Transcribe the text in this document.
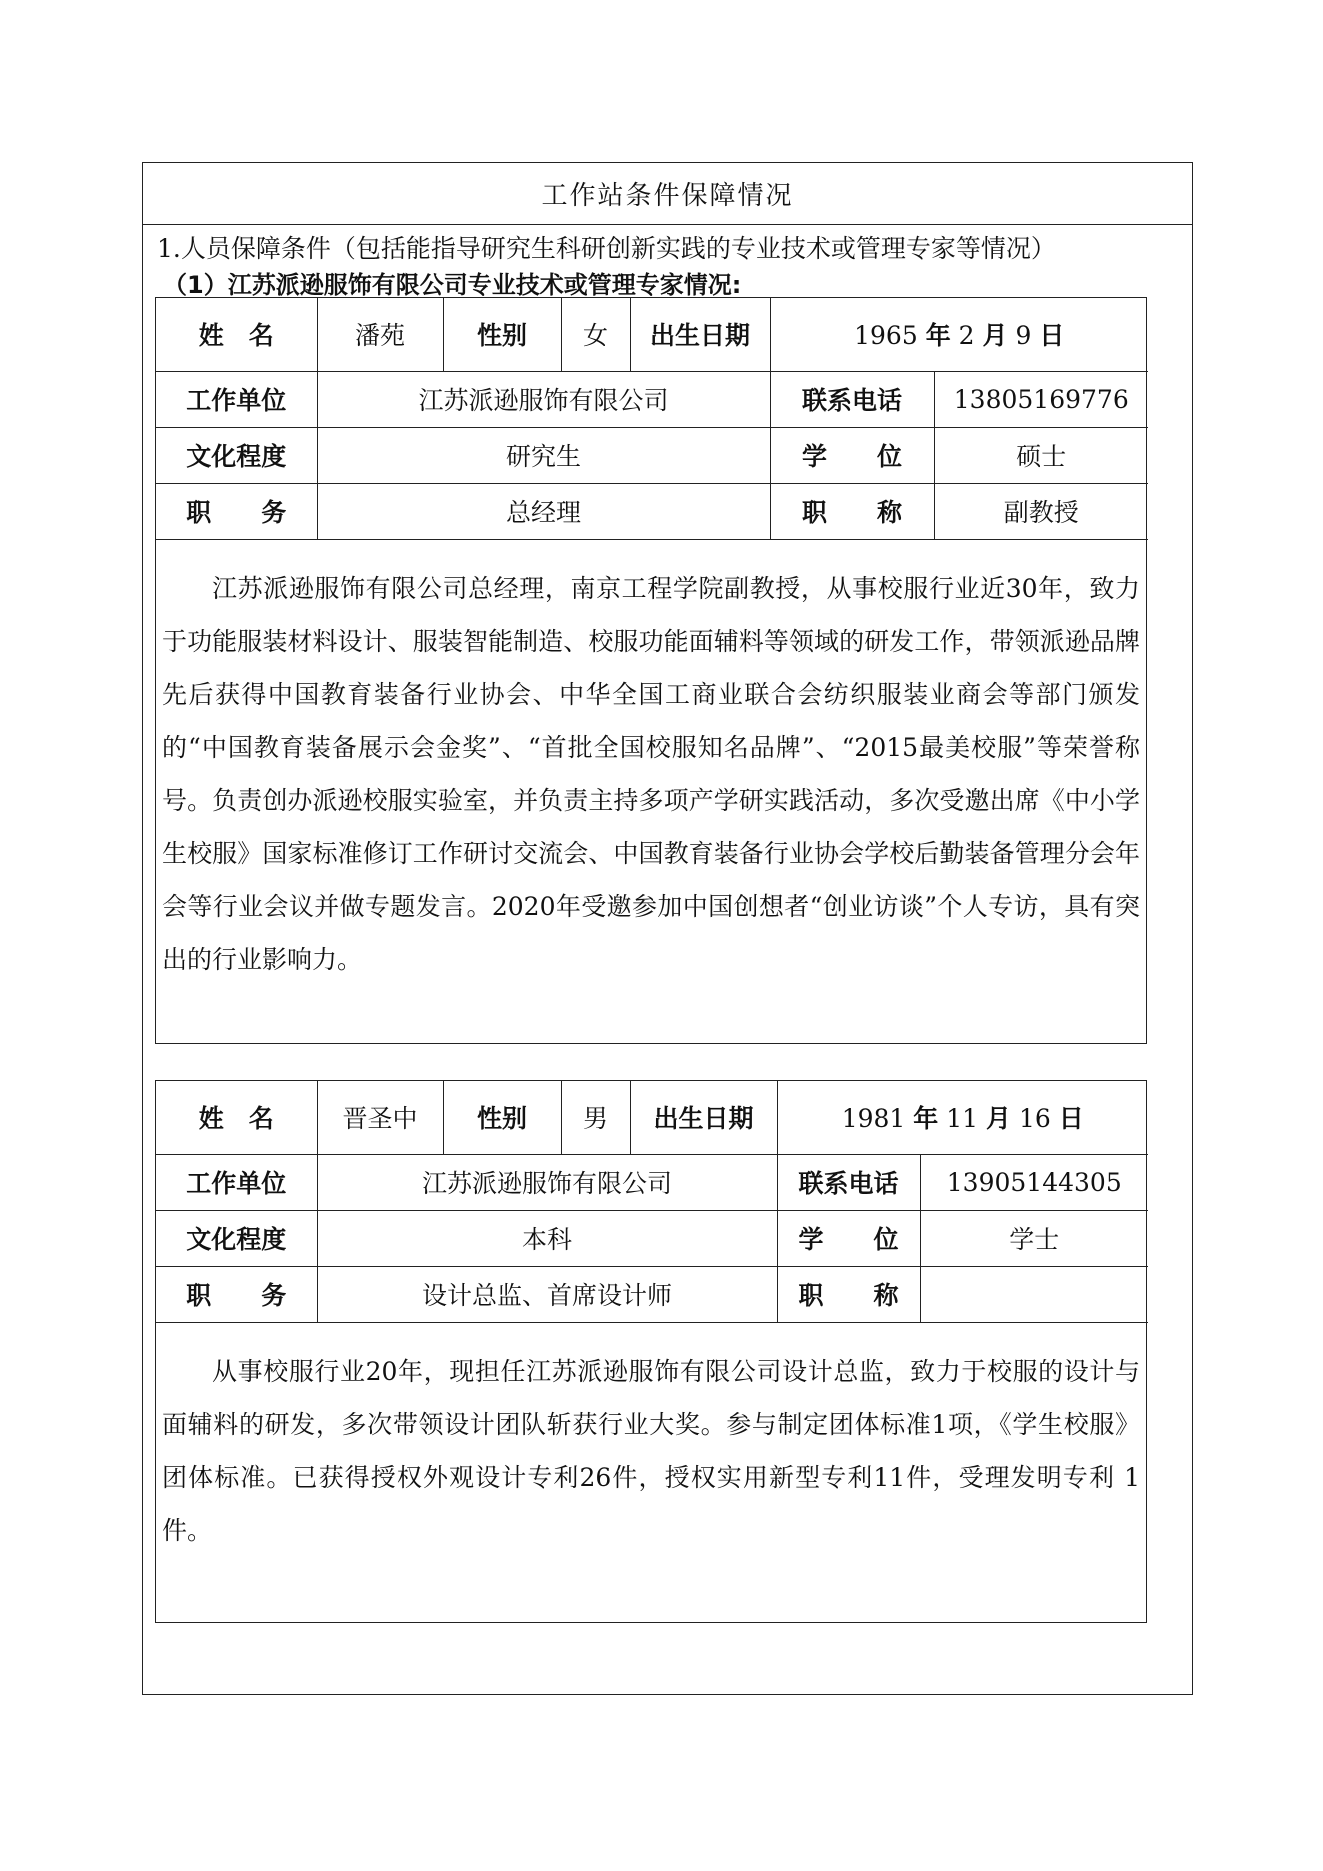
工作站条件保障情况
1.人员保障条件（包括能指导研究生科研创新实践的专业技术或管理专家等情况）
（1）江苏派逊服饰有限公司专业技术或管理专家情况:
姓　名	潘苑	性别	女	出生日期	1965 年 2 月 9 日	
工作单位	江苏派逊服饰有限公司				联系电话	13805169776
文化程度	研究生				学　　位	硕士
职　　务	总经理				职　　称	副教授
江苏派逊服饰有限公司总经理，南京工程学院副教授，从事校服行业近30年，致力于功能服装材料设计、服装智能制造、校服功能面辅料等领域的研发工作，带领派逊品牌先后获得中国教育装备行业协会、中华全国工商业联合会纺织服装业商会等部门颁发的“中国教育装备展示会金奖”、“首批全国校服知名品牌”、“2015最美校服”等荣誉称号。负责创办派逊校服实验室，并负责主持多项产学研实践活动，多次受邀出席《中小学生校服》国家标准修订工作研讨交流会、中国教育装备行业协会学校后勤装备管理分会年会等行业会议并做专题发言。2020年受邀参加中国创想者“创业访谈”个人专访，具有突出的行业影响力。
姓　名	晋圣中	性别	男	出生日期	1981 年 11 月 16 日	
工作单位	江苏派逊服饰有限公司				联系电话	13905144305
文化程度	本科				学　　位	学士
职　　务	设计总监、首席设计师				职　　称	
从事校服行业20年，现担任江苏派逊服饰有限公司设计总监，致力于校服的设计与面辅料的研发，多次带领设计团队斩获行业大奖。参与制定团体标准1项，《学生校服》团体标准。已获得授权外观设计专利26件，授权实用新型专利11件，受理发明专利 1 件。
